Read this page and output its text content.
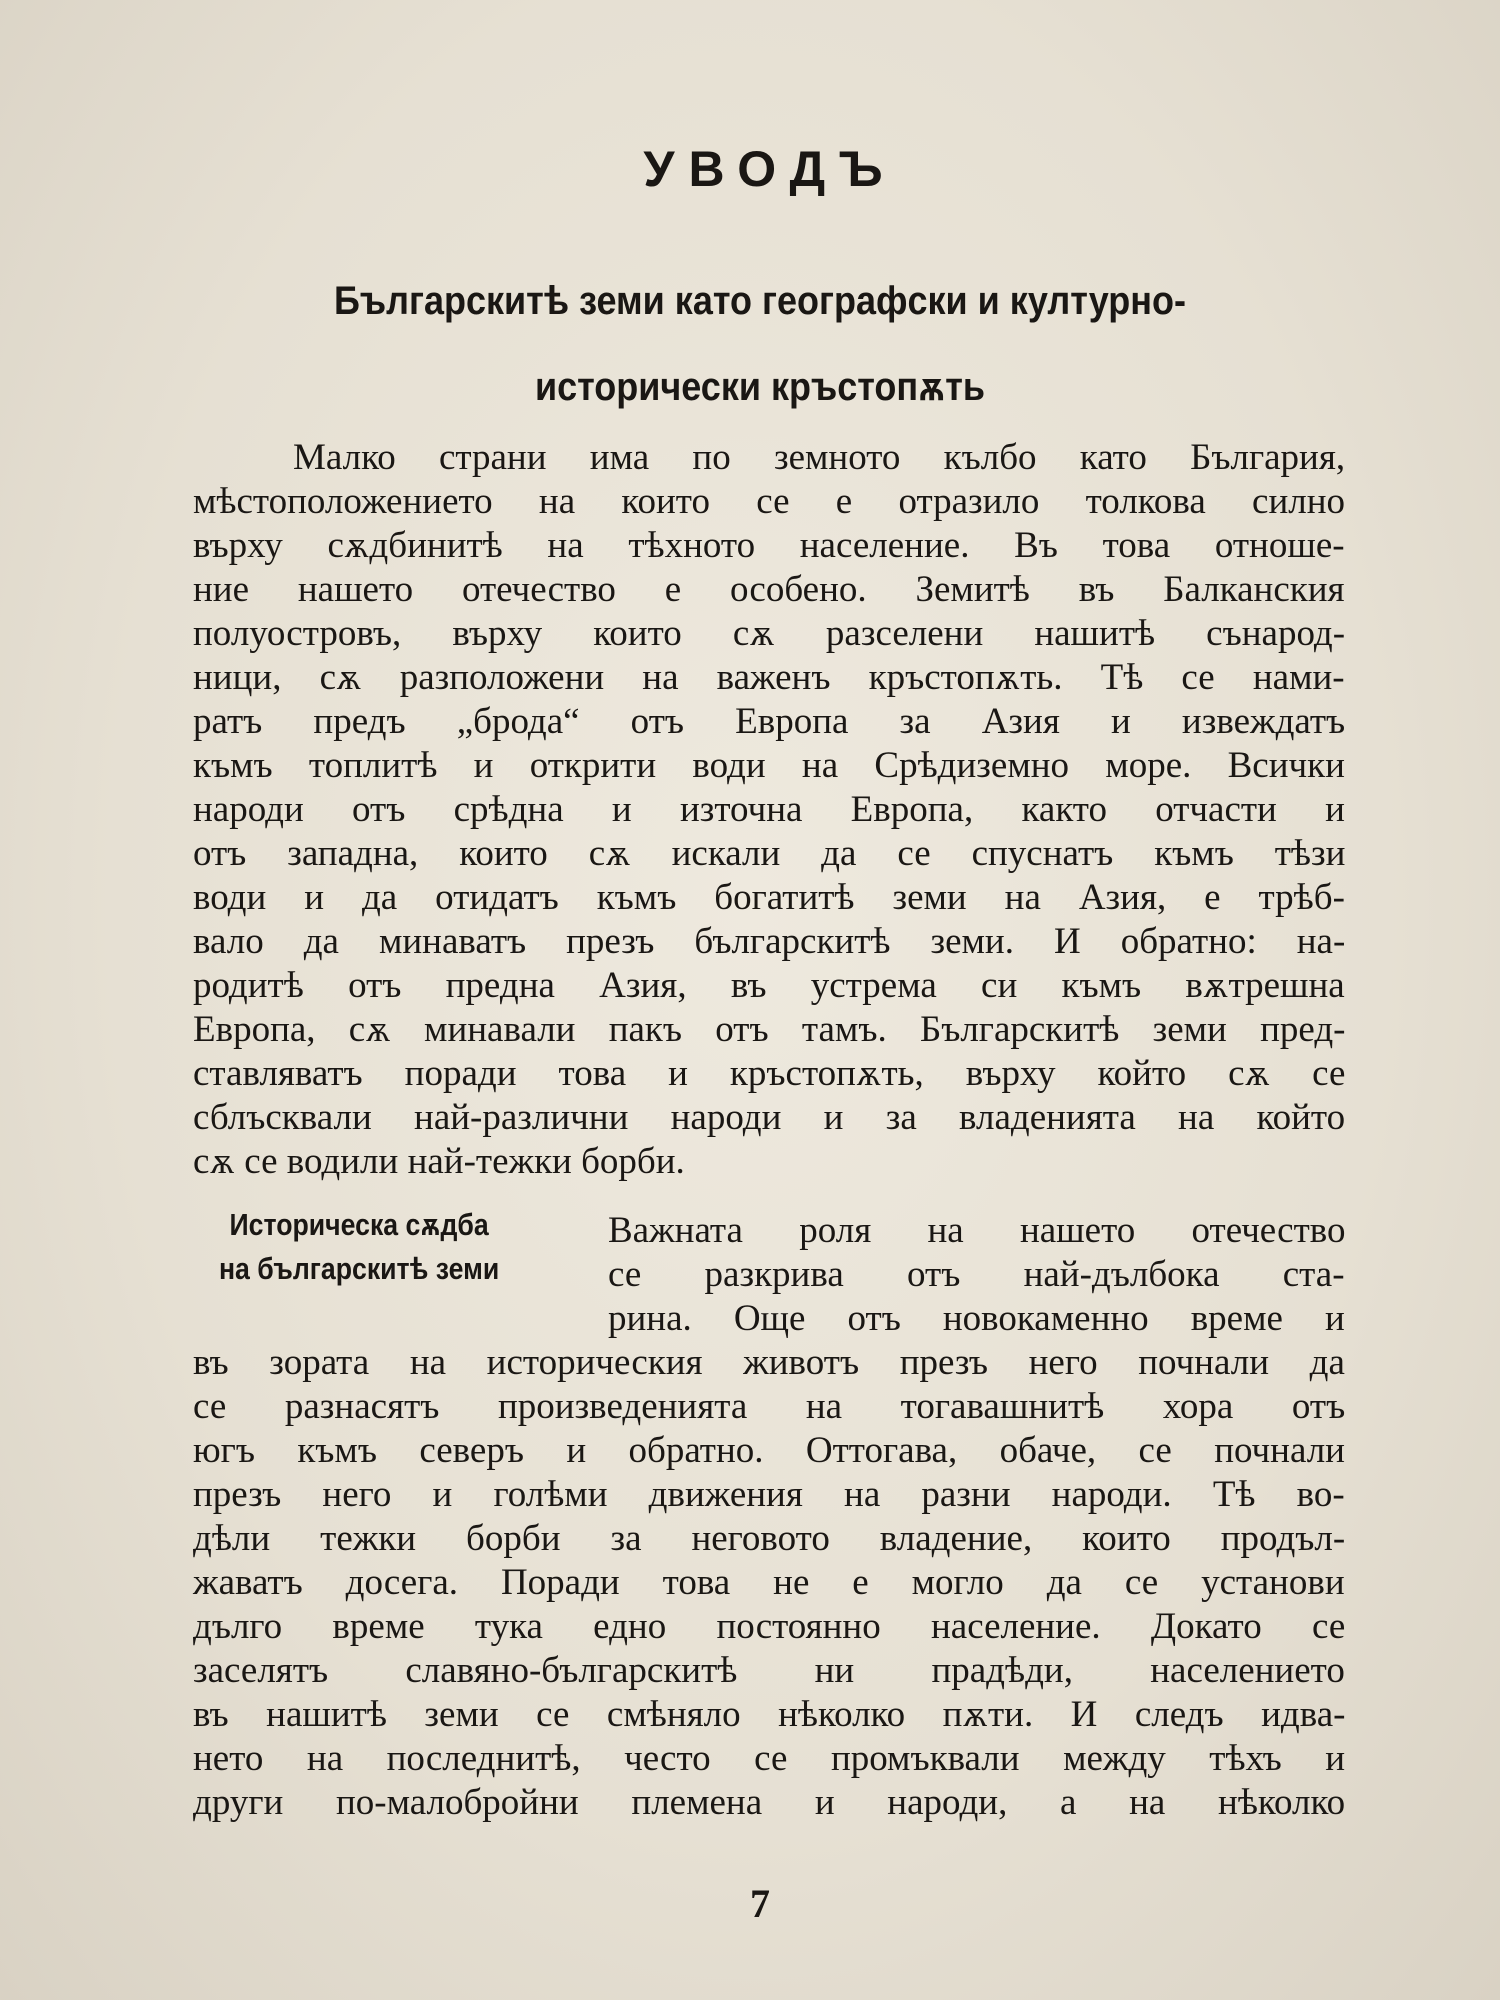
УВОДЪ
Българскитѣ земи като географски и културно-
исторически кръстопѫть
Малко страни има по земното кълбо като България,
мѣстоположението на които се е отразило толкова силно
върху сѫдбинитѣ на тѣхното население. Въ това отноше-
ние нашето отечество е особено. Земитѣ въ Балканския
полуостровъ, върху които сѫ разселени нашитѣ сънарод-
ници, сѫ разположени на важенъ кръстопѫть. Тѣ се нами-
ратъ предъ „брода“ отъ Европа за Азия и извеждатъ
къмъ топлитѣ и открити води на Срѣдиземно море. Всички
народи отъ срѣдна и източна Европа, както отчасти и
отъ западна, които сѫ искали да се спуснатъ къмъ тѣзи
води и да отидатъ къмъ богатитѣ земи на Азия, е трѣб-
вало да минаватъ презъ българскитѣ земи. И обратно: на-
родитѣ отъ предна Азия, въ устрема си къмъ вѫтрешна
Европа, сѫ минавали пакъ отъ тамъ. Българскитѣ земи пред-
ставляватъ поради това и кръстопѫть, върху който сѫ се
сблъсквали най-различни народи и за владенията на който
сѫ се водили най-тежки борби.
Историческа сѫдба
на българскитѣ земи
Важната роля на нашето отечество
се разкрива отъ най-дълбока ста-
рина. Още отъ новокаменно време и
въ зората на историческия животъ презъ него почнали да
се разнасятъ произведенията на тогавашнитѣ хора отъ
югъ къмъ северъ и обратно. Оттогава, обаче, се почнали
презъ него и голѣми движения на разни народи. Тѣ во-
дѣли тежки борби за неговото владение, които продъл-
жаватъ досега. Поради това не е могло да се установи
дълго време тука едно постоянно население. Докато се
заселятъ славяно-българскитѣ ни прадѣди, населението
въ нашитѣ земи се смѣняло нѣколко пѫти. И следъ идва-
нето на последнитѣ, често се промъквали между тѣхъ и
други по-малобройни племена и народи, а на нѣколко
7
